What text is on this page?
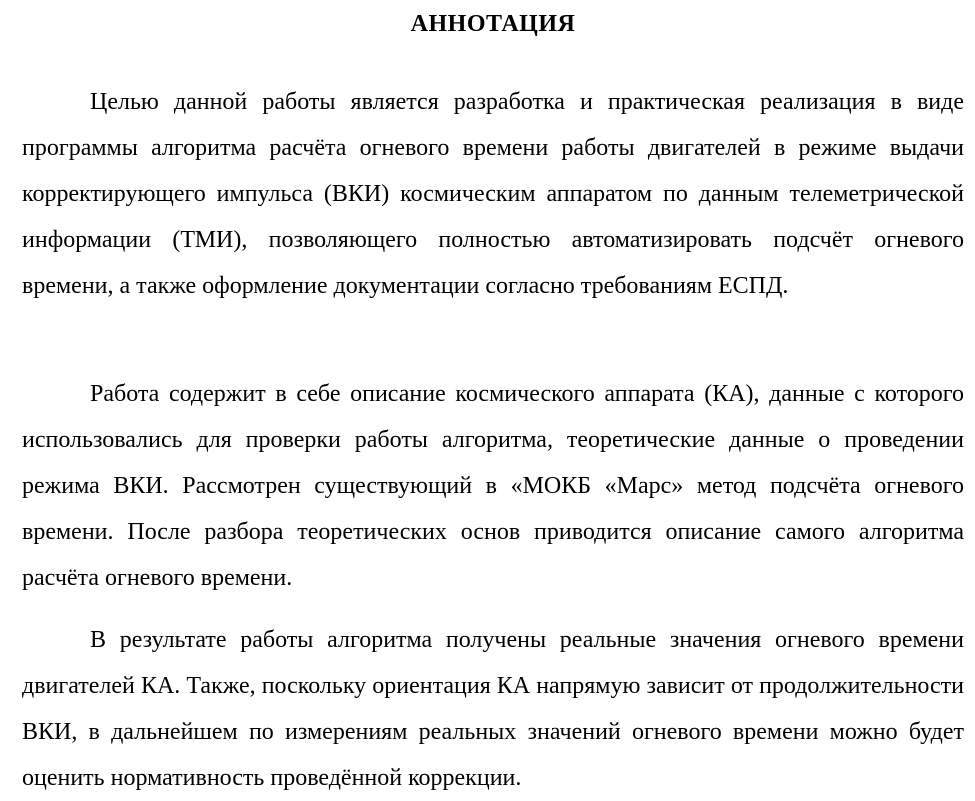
АННОТАЦИЯ

Целью данной работы является разработка и практическая реализация в виде программы алгоритма расчёта огневого времени работы двигателей в режиме выдачи корректирующего импульса (ВКИ) космическим аппаратом по данным телеметрической информации (ТМИ), позволяющего полностью автоматизировать подсчёт огневого времени, а также оформление документации согласно требованиям ЕСПД.

Работа содержит в себе описание космического аппарата (КА), данные с которого использовались для проверки работы алгоритма, теоретические данные о проведении режима ВКИ. Рассмотрен существующий в «МОКБ «Марс» метод подсчёта огневого времени. После разбора теоретических основ приводится описание самого алгоритма расчёта огневого времени.

В результате работы алгоритма получены реальные значения огневого времени двигателей КА. Также, поскольку ориентация КА напрямую зависит от продолжительности ВКИ, в дальнейшем по измерениям реальных значений огневого времени можно будет оценить нормативность проведённой коррекции.
